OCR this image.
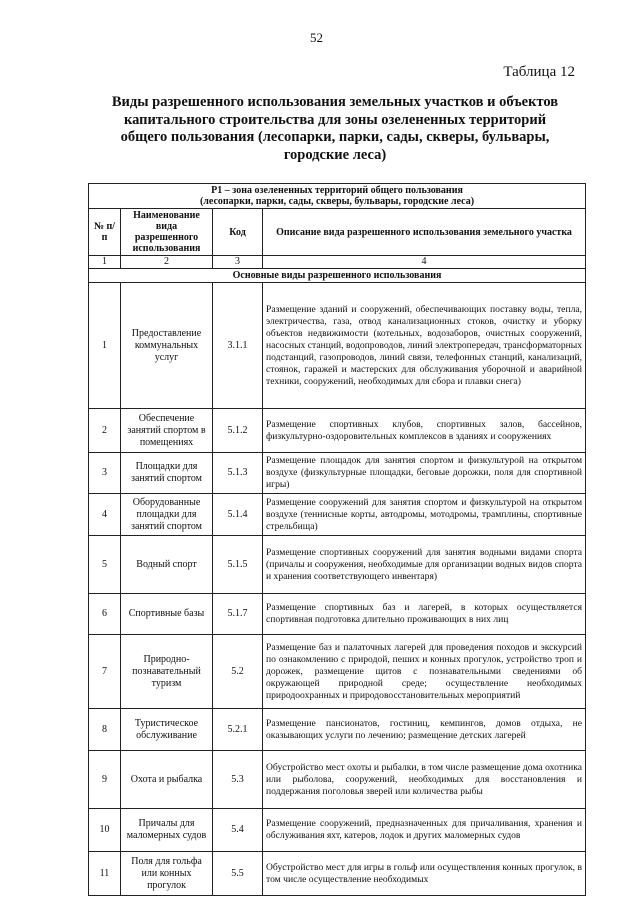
52
Таблица 12
Виды разрешенного использования земельных участков и объектов
капитального строительства для зоны озелененных территорий
общего пользования (лесопарки, парки, сады, скверы, бульвары,
городские леса)
Р1 – зона озелененных территорий общего пользования
(лесопарки, парки, сады, скверы, бульвары, городские леса)			

№ п/п	Наименование вида разрешенного использования	Код	Описание вида разрешенного использования земельного участка
1	2	3	4
Основные виды разрешенного использования			
1	Предоставление коммунальных услуг	3.1.1	Размещение зданий и сооружений, обеспечивающих поставку воды, тепла, электричества, газа, отвод канализационных стоков, очистку и уборку объектов недвижимости (котельных, водозаборов, очистных сооружений, насосных станций, водопроводов, линий электропередач, трансформаторных подстанций, газопроводов, линий связи, телефонных станций, канализаций, стоянок, гаражей и мастерских для обслуживания уборочной и аварийной техники, сооружений, необходимых для сбора и плавки снега)
2	Обеспечение занятий спортом в помещениях	5.1.2	Размещение спортивных клубов, спортивных залов, бассейнов, физкультурно-оздоровительных комплексов в зданиях и сооружениях
3	Площадки для занятий спортом	5.1.3	Размещение площадок для занятия спортом и физкультурой на открытом воздухе (физкультурные площадки, беговые дорожки, поля для спортивной игры)
4	Оборудованные площадки для занятий спортом	5.1.4	Размещение сооружений для занятия спортом и физкультурой на открытом воздухе (теннисные корты, автодромы, мотодромы, трамплины, спортивные стрельбища)
5	Водный спорт	5.1.5	Размещение спортивных сооружений для занятия водными видами спорта (причалы и сооружения, необходимые для организации водных видов спорта и хранения соответствующего инвентаря)
6	Спортивные базы	5.1.7	Размещение спортивных баз и лагерей, в которых осуществляется спортивная подготовка длительно проживающих в них лиц
7	Природно-познавательный туризм	5.2	Размещение баз и палаточных лагерей для проведения походов и экскурсий по ознакомлению с природой, пеших и конных прогулок, устройство троп и дорожек, размещение щитов с познавательными сведениями об окружающей природной среде; осуществление необходимых природоохранных и природовосстановительных мероприятий
8	Туристическое обслуживание	5.2.1	Размещение пансионатов, гостиниц, кемпингов, домов отдыха, не оказывающих услуги по лечению; размещение детских лагерей
9	Охота и рыбалка	5.3	Обустройство мест охоты и рыбалки, в том числе размещение дома охотника или рыболова, сооружений, необходимых для восстановления и поддержания поголовья зверей или количества рыбы
10	Причалы для маломерных судов	5.4	Размещение сооружений, предназначенных для причаливания, хранения и обслуживания яхт, катеров, лодок и других маломерных судов
11	Поля для гольфа или конных прогулок	5.5	Обустройство мест для игры в гольф или осуществления конных прогулок, в том числе осуществление необходимых
